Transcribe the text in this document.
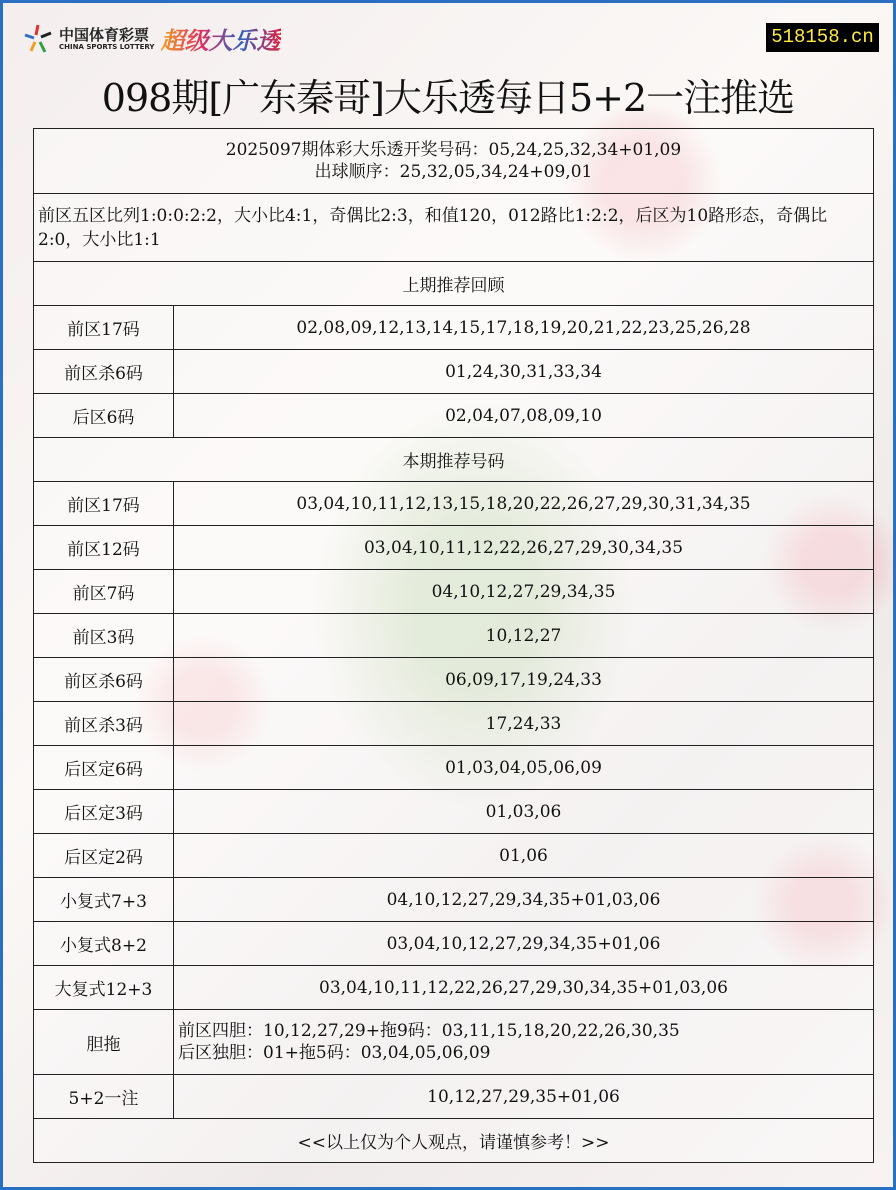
中国体育彩票
CHINA SPORTS LOTTERY 超级大乐透	518158.cn
098期[广东秦哥]大乐透每日5+2一注推选
2025097期体彩大乐透开奖号码：05,24,25,32,34+01,09
出球顺序：25,32,05,34,24+09,01	

前区五区比列1:0:0:2:2，大小比4:1，奇偶比2:3，和值120，012路比1:2:2，后区为10路形态，奇偶比2:0，大小比1:1	
上期推荐回顾	
前区17码	02,08,09,12,13,14,15,17,18,19,20,21,22,23,25,26,28
前区杀6码	01,24,30,31,33,34
后区6码	02,04,07,08,09,10
本期推荐号码	
前区17码	03,04,10,11,12,13,15,18,20,22,26,27,29,30,31,34,35
前区12码	03,04,10,11,12,22,26,27,29,30,34,35
前区7码	04,10,12,27,29,34,35
前区3码	10,12,27
前区杀6码	06,09,17,19,24,33
前区杀3码	17,24,33
后区定6码	01,03,04,05,06,09
后区定3码	01,03,06
后区定2码	01,06
小复式7+3	04,10,12,27,29,34,35+01,03,06
小复式8+2	03,04,10,12,27,29,34,35+01,06
大复式12+3	03,04,10,11,12,22,26,27,29,30,34,35+01,03,06
胆拖	前区四胆：10,12,27,29+拖9码：03,11,15,18,20,22,26,30,35
后区独胆：01+拖5码：03,04,05,06,09

5+2一注	10,12,27,29,35+01,06
<<以上仅为个人观点，请谨慎参考！>>	
